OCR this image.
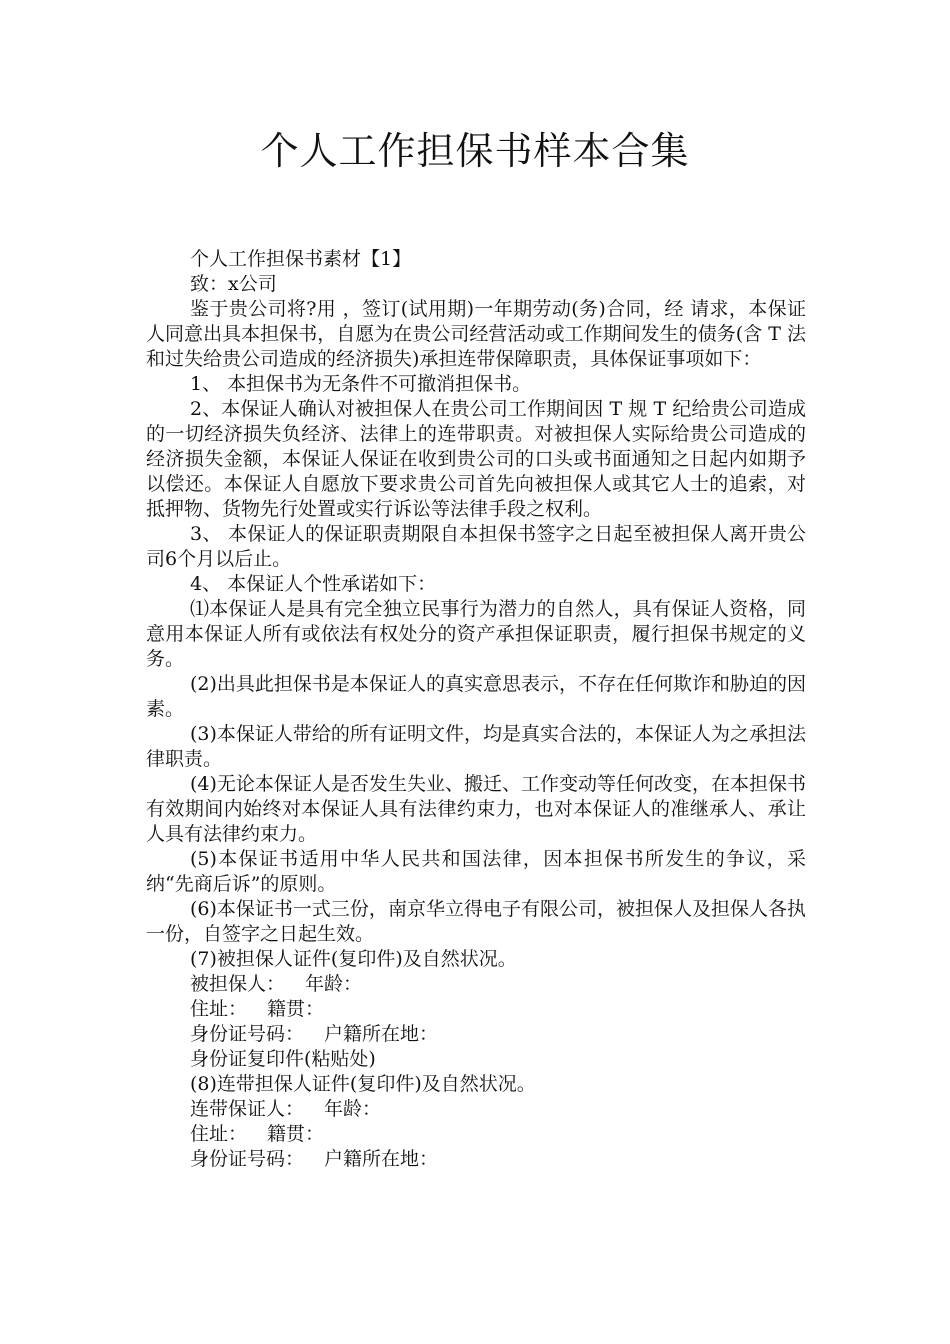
个人工作担保书样本合集

个人工作担保书素材【1】

致：x公司

鉴于贵公司将?用 ，签订(试用期)一年期劳动(务)合同，经 请求，本保证人同意出具本担保书，自愿为在贵公司经营活动或工作期间发生的债务(含 T 法和过失给贵公司造成的经济损失)承担连带保障职责，具体保证事项如下：

1、 本担保书为无条件不可撤消担保书。

2、本保证人确认对被担保人在贵公司工作期间因 T 规 T 纪给贵公司造成的一切经济损失负经济、法律上的连带职责。对被担保人实际给贵公司造成的经济损失金额，本保证人保证在收到贵公司的口头或书面通知之日起内如期予以偿还。本保证人自愿放下要求贵公司首先向被担保人或其它人士的追索，对抵押物、货物先行处置或实行诉讼等法律手段之权利。

3、 本保证人的保证职责期限自本担保书签字之日起至被担保人离开贵公司6个月以后止。

4、 本保证人个性承诺如下：

⑴本保证人是具有完全独立民事行为潜力的自然人，具有保证人资格，同意用本保证人所有或依法有权处分的资产承担保证职责，履行担保书规定的义务。

(2)出具此担保书是本保证人的真实意思表示，不存在任何欺诈和胁迫的因素。

(3)本保证人带给的所有证明文件，均是真实合法的，本保证人为之承担法律职责。

(4)无论本保证人是否发生失业、搬迁、工作变动等任何改变，在本担保书有效期间内始终对本保证人具有法律约束力，也对本保证人的准继承人、承让人具有法律约束力。

(5)本保证书适用中华人民共和国法律，因本担保书所发生的争议，采纳“先商后诉”的原则。

(6)本保证书一式三份，南京华立得电子有限公司，被担保人及担保人各执一份，自签字之日起生效。

(7)被担保人证件(复印件)及自然状况。

被担保人： 年龄：

住址： 籍贯：

身份证号码： 户籍所在地：

身份证复印件(粘贴处)

(8)连带担保人证件(复印件)及自然状况。

连带保证人： 年龄：

住址： 籍贯：

身份证号码： 户籍所在地：
